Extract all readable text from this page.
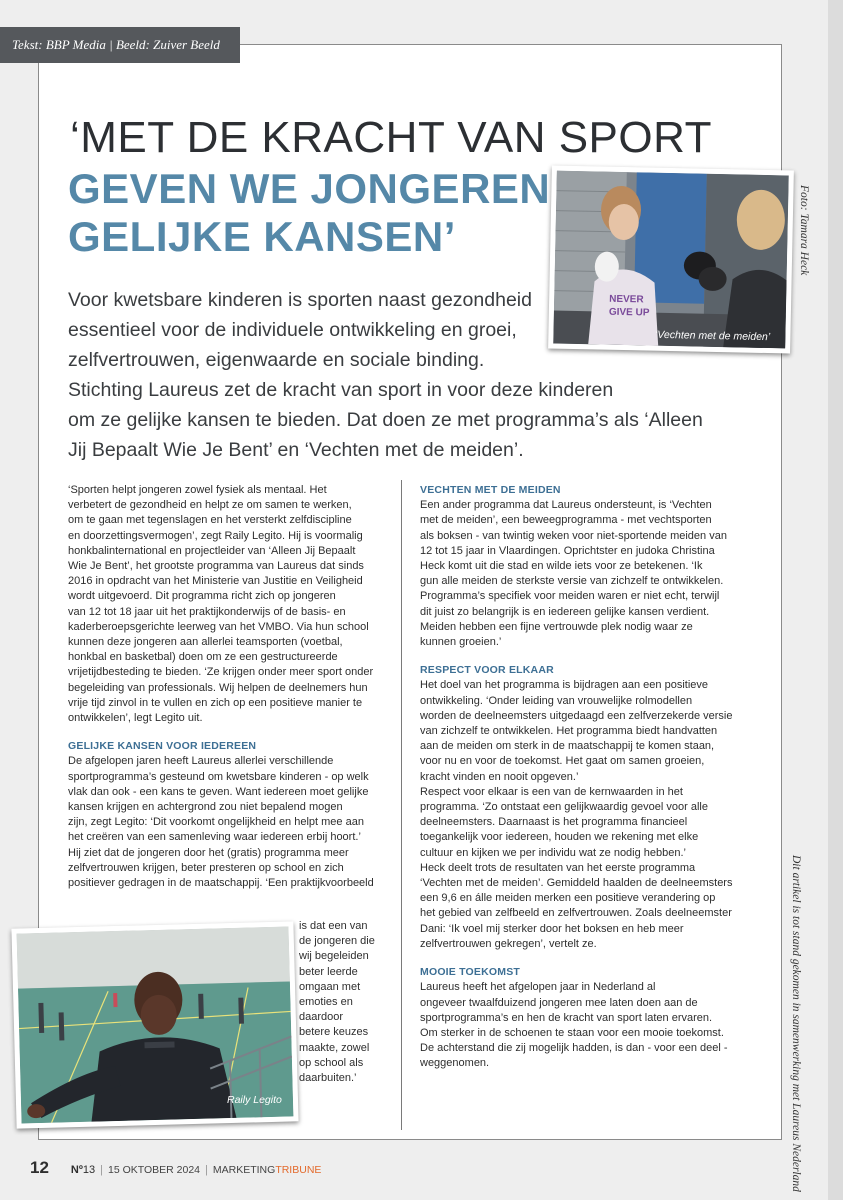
Tekst: BBP Media | Beeld: Zuiver Beeld
‘MET DE KRACHT VAN SPORT
GEVEN WE JONGEREN
GELIJKE KANSEN’
Voor kwetsbare kinderen is sporten naast gezondheid
essentieel voor de individuele ontwikkeling en groei,
zelfvertrouwen, eigenwaarde en sociale binding.
Stichting Laureus zet de kracht van sport in voor deze kinderen
om ze gelijke kansen te bieden. Dat doen ze met programma’s als ‘Alleen
Jij Bepaalt Wie Je Bent’ en ‘Vechten met de meiden’.
NEVER
GIVE UP
‘Vechten met de meiden’
Foto: Tamara Heck
‘Sporten helpt jongeren zowel fysiek als mentaal. Het
verbetert de gezondheid en helpt ze om samen te werken,
om te gaan met tegenslagen en het versterkt zelfdiscipline
en doorzettingsvermogen’, zegt Raily Legito. Hij is voormalig
honkbalinternational en projectleider van ‘Alleen Jij Bepaalt
Wie Je Bent’, het grootste programma van Laureus dat sinds
2016 in opdracht van het Ministerie van Justitie en Veiligheid
wordt uitgevoerd. Dit programma richt zich op jongeren
van 12 tot 18 jaar uit het praktijkonderwijs of de basis- en
kaderberoepsgerichte leerweg van het VMBO. Via hun school
kunnen deze jongeren aan allerlei teamsporten (voetbal,
honkbal en basketbal) doen om ze een gestructureerde
vrijetijdbesteding te bieden. ‘Ze krijgen onder meer sport onder
begeleiding van professionals. Wij helpen de deelnemers hun
vrije tijd zinvol in te vullen en zich op een positieve manier te
ontwikkelen’, legt Legito uit.
GELIJKE KANSEN VOOR IEDEREEN
De afgelopen jaren heeft Laureus allerlei verschillende
sportprogramma’s gesteund om kwetsbare kinderen - op welk
vlak dan ook - een kans te geven. Want iedereen moet gelijke
kansen krijgen en achtergrond zou niet bepalend mogen
zijn, zegt Legito: ‘Dit voorkomt ongelijkheid en helpt mee aan
het creëren van een samenleving waar iedereen erbij hoort.’
Hij ziet dat de jongeren door het (gratis) programma meer
zelfvertrouwen krijgen, beter presteren op school en zich
positiever gedragen in de maatschappij. ‘Een praktijkvoorbeeld
is dat een van
de jongeren die
wij begeleiden
beter leerde
omgaan met
emoties en
daardoor
betere keuzes
maakte, zowel
op school als
daarbuiten.’
Raily Legito
VECHTEN MET DE MEIDEN
Een ander programma dat Laureus ondersteunt, is ‘Vechten
met de meiden’, een beweegprogramma - met vechtsporten
als boksen - van twintig weken voor niet-sportende meiden van
12 tot 15 jaar in Vlaardingen. Oprichtster en judoka Christina
Heck komt uit die stad en wilde iets voor ze betekenen. ‘Ik
gun alle meiden de sterkste versie van zichzelf te ontwikkelen.
Programma’s specifiek voor meiden waren er niet echt, terwijl
dit juist zo belangrijk is en iedereen gelijke kansen verdient.
Meiden hebben een fijne vertrouwde plek nodig waar ze
kunnen groeien.’
RESPECT VOOR ELKAAR
Het doel van het programma is bijdragen aan een positieve
ontwikkeling. ‘Onder leiding van vrouwelijke rolmodellen
worden de deelneemsters uitgedaagd een zelfverzekerde versie
van zichzelf te ontwikkelen. Het programma biedt handvatten
aan de meiden om sterk in de maatschappij te komen staan,
voor nu en voor de toekomst. Het gaat om samen groeien,
kracht vinden en nooit opgeven.’
Respect voor elkaar is een van de kernwaarden in het
programma. ‘Zo ontstaat een gelijkwaardig gevoel voor alle
deelneemsters. Daarnaast is het programma financieel
toegankelijk voor iedereen, houden we rekening met elke
cultuur en kijken we per individu wat ze nodig hebben.’
Heck deelt trots de resultaten van het eerste programma
‘Vechten met de meiden’. Gemiddeld haalden de deelneemsters
een 9,6 en álle meiden merken een positieve verandering op
het gebied van zelfbeeld en zelfvertrouwen. Zoals deelneemster
Dani: ‘Ik voel mij sterker door het boksen en heb meer
zelfvertrouwen gekregen’, vertelt ze.
MOOIE TOEKOMST
Laureus heeft het afgelopen jaar in Nederland al
ongeveer twaalfduizend jongeren mee laten doen aan de
sportprogramma’s en hen de kracht van sport laten ervaren.
Om sterker in de schoenen te staan voor een mooie toekomst.
De achterstand die zij mogelijk hadden, is dan - voor een deel -
weggenomen.	Dit artikel is tot stand gekomen in samenwerking met Laureus Nederland
12 Nº13 | 15 OKTOBER 2024 | MARKETING TRIBUNE
